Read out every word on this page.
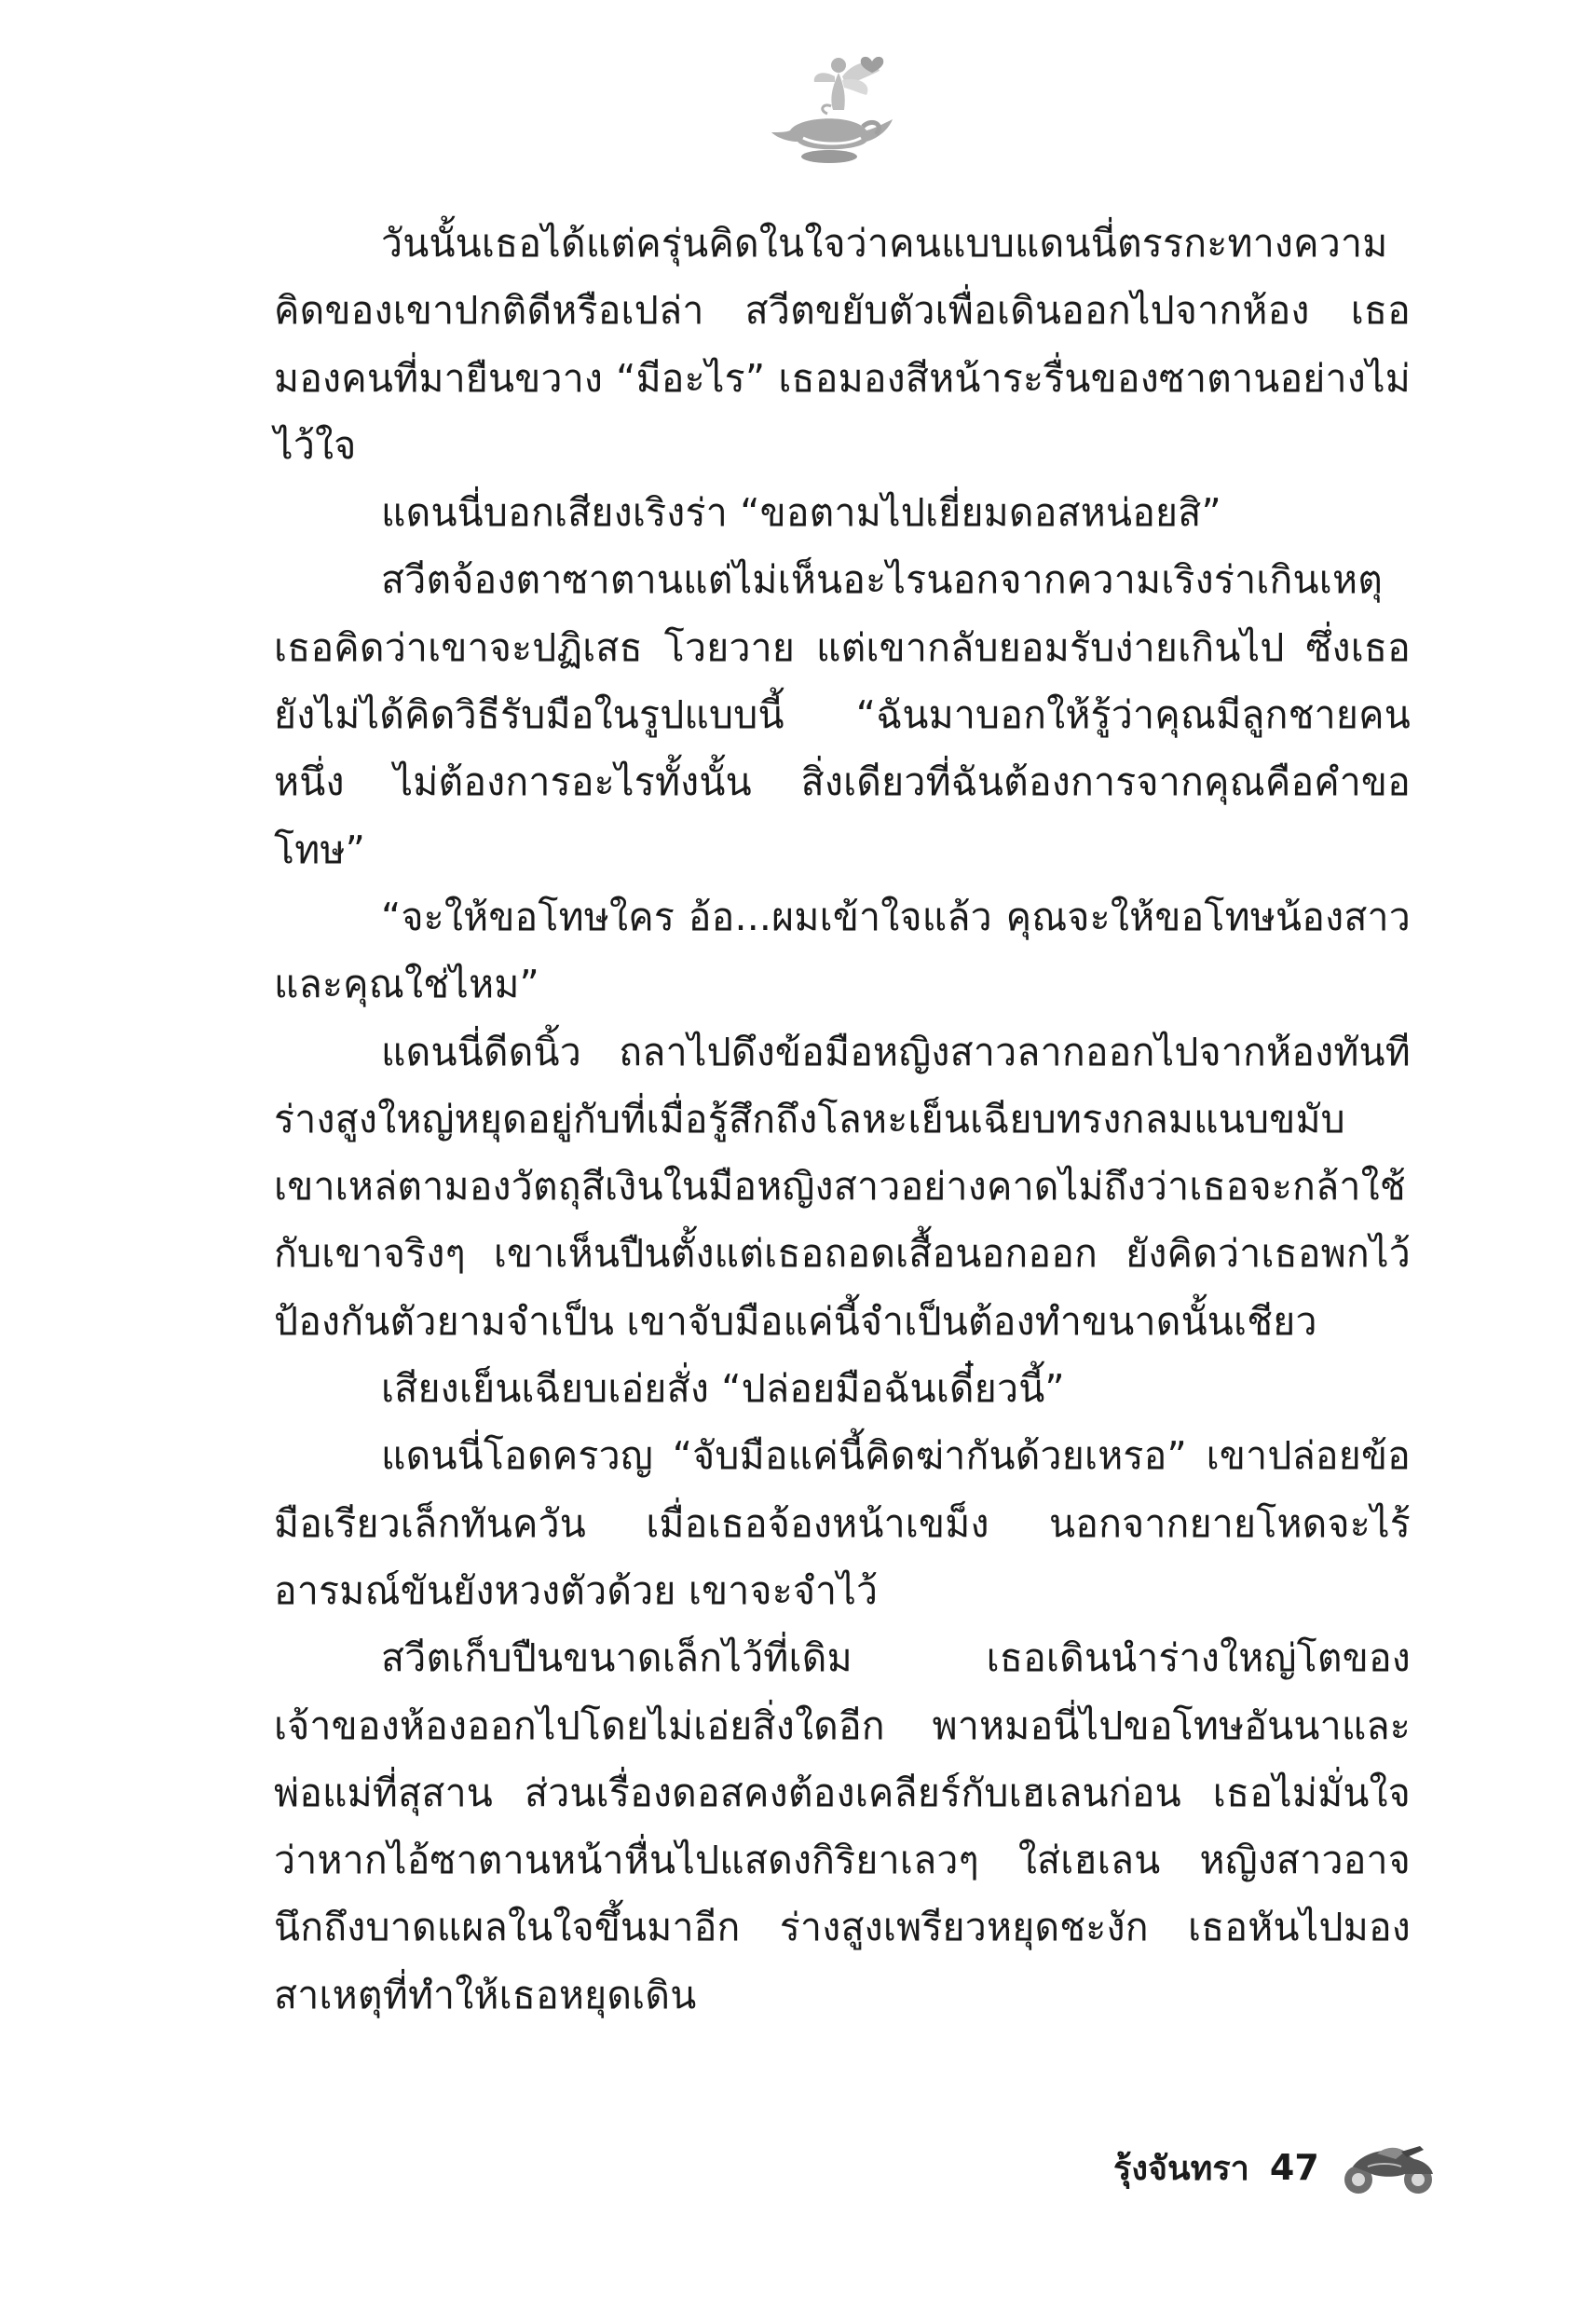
วันนั้นเธอได้แต่ครุ่นคิดในใจว่าคนแบบแดนนี่ตรรกะทางความคิดของเขาปกติดีหรือเปล่า สวีตขยับตัวเพื่อเดินออกไปจากห้อง เธอมองคนที่มายืนขวาง “มีอะไร” เธอมองสีหน้าระรื่นของซาตานอย่างไม่ไว้ใจ

แดนนี่บอกเสียงเริงร่า “ขอตามไปเยี่ยมดอสหน่อยสิ”

สวีตจ้องตาซาตานแต่ไม่เห็นอะไรนอกจากความเริงร่าเกินเหตุ เธอคิดว่าเขาจะปฏิเสธ โวยวาย แต่เขากลับยอมรับง่ายเกินไป ซึ่งเธอยังไม่ได้คิดวิธีรับมือในรูปแบบนี้ “ฉันมาบอกให้รู้ว่าคุณมีลูกชายคนหนึ่ง ไม่ต้องการอะไรทั้งนั้น สิ่งเดียวที่ฉันต้องการจากคุณคือคำขอโทษ”

“จะให้ขอโทษใคร อ้อ...ผมเข้าใจแล้ว คุณจะให้ขอโทษน้องสาวและคุณใช่ไหม”

แดนนี่ดีดนิ้ว ถลาไปดึงข้อมือหญิงสาวลากออกไปจากห้องทันที ร่างสูงใหญ่หยุดอยู่กับที่เมื่อรู้สึกถึงโลหะเย็นเฉียบทรงกลมแนบขมับ เขาเหล่ตามองวัตถุสีเงินในมือหญิงสาวอย่างคาดไม่ถึงว่าเธอจะกล้าใช้กับเขาจริงๆ เขาเห็นปืนตั้งแต่เธอถอดเสื้อนอกออก ยังคิดว่าเธอพกไว้ป้องกันตัวยามจำเป็น เขาจับมือแค่นี้จำเป็นต้องทำขนาดนั้นเชียว

เสียงเย็นเฉียบเอ่ยสั่ง “ปล่อยมือฉันเดี๋ยวนี้”

แดนนี่โอดครวญ “จับมือแค่นี้คิดฆ่ากันด้วยเหรอ” เขาปล่อยข้อมือเรียวเล็กทันควัน เมื่อเธอจ้องหน้าเขม็ง นอกจากยายโหดจะไร้อารมณ์ขันยังหวงตัวด้วย เขาจะจำไว้

สวีตเก็บปืนขนาดเล็กไว้ที่เดิม เธอเดินนำร่างใหญ่โตของเจ้าของห้องออกไปโดยไม่เอ่ยสิ่งใดอีก พาหมอนี่ไปขอโทษอันนาและพ่อแม่ที่สุสาน ส่วนเรื่องดอสคงต้องเคลียร์กับเฮเลนก่อน เธอไม่มั่นใจว่าหากไอ้ซาตานหน้าหื่นไปแสดงกิริยาเลวๆ ใส่เฮเลน หญิงสาวอาจนึกถึงบาดแผลในใจขึ้นมาอีก ร่างสูงเพรียวหยุดชะงัก เธอหันไปมองสาเหตุที่ทำให้เธอหยุดเดิน

รุ้งจันทรา 47
